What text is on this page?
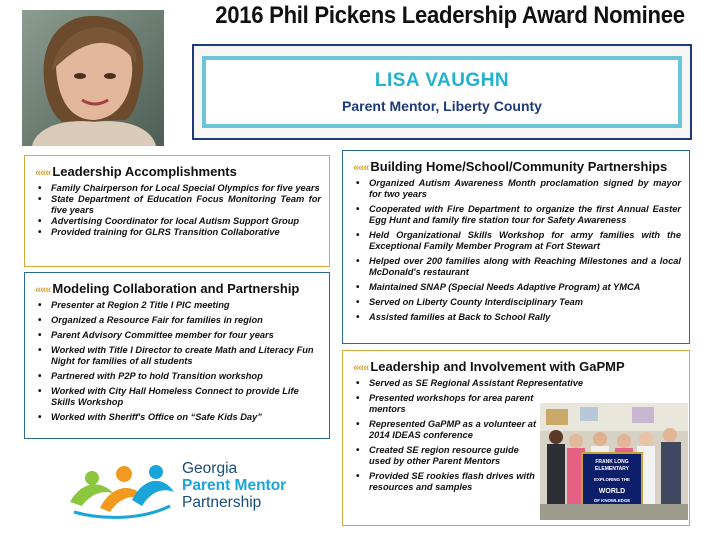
2016 Phil Pickens Leadership Award Nominee
LISA VAUGHN
Parent Mentor, Liberty County
««« Leadership Accomplishments
• Family Chairperson for Local Special Olympics for five years
• State Department of Education Focus Monitoring Team for five years
• Advertising Coordinator for local Autism Support Group
• Provided training for GLRS Transition Collaborative
««« Modeling Collaboration and Partnership
• Presenter at Region 2 Title I PIC meeting
• Organized a Resource Fair for families in region
• Parent Advisory Committee member for four years
• Worked with Title I Director to create Math and Literacy Fun Night for families of all students
• Partnered with P2P to hold Transition workshop
• Worked with City Hall Homeless Connect to provide Life Skills Workshop
• Worked with Sheriff's Office on “Safe Kids Day”
««« Building Home/School/Community Partnerships
• Organized Autism Awareness Month proclamation signed by mayor for two years
• Cooperated with Fire Department to organize the first Annual Easter Egg Hunt and family fire station tour for Safety Awareness
• Held Organizational Skills Workshop for army families with the Exceptional Family Member Program at Fort Stewart
• Helped over 200 families along with Reaching Milestones and a local McDonald's restaurant
• Maintained SNAP (Special Needs Adaptive Program) at YMCA
• Served on Liberty County Interdisciplinary Team
• Assisted families at Back to School Rally
««« Leadership and Involvement with GaPMP
• Served as SE Regional Assistant Representative
• Presented workshops for area parent mentors
• Represented GaPMP as a volunteer at 2014 IDEAS conference
• Created SE region resource guide used by other Parent Mentors
• Provided SE rookies flash drives with resources and samples
FRANK LONG
ELEMENTARY
EXPLORING THE
WORLD
OF KNOWLEDGE
Georgia
Parent Mentor
Partnership
